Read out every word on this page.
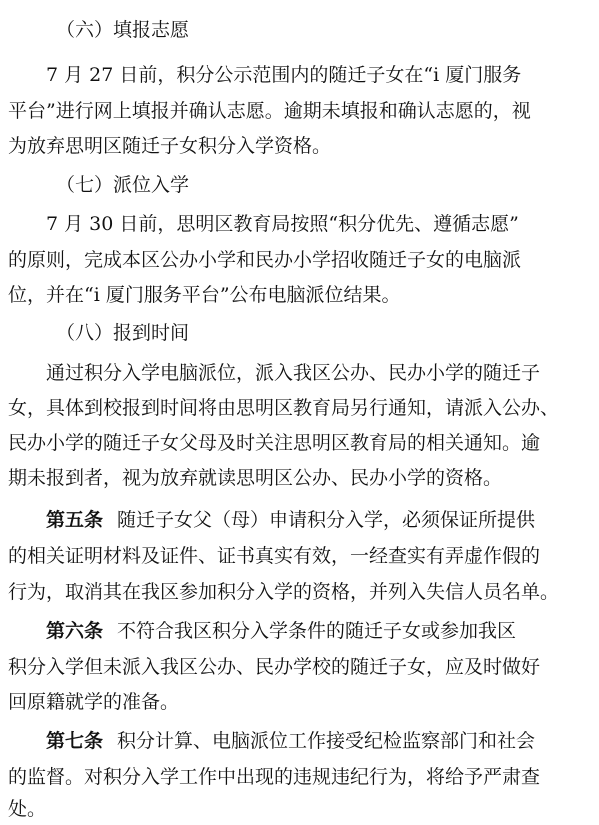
（六）填报志愿
7 月 27 日前，积分公示范围内的随迁子女在“i 厦门服务
平台”进行网上填报并确认志愿。逾期未填报和确认志愿的，视
为放弃思明区随迁子女积分入学资格。
（七）派位入学
7 月 30 日前，思明区教育局按照“积分优先、遵循志愿”
的原则，完成本区公办小学和民办小学招收随迁子女的电脑派
位，并在“i 厦门服务平台”公布电脑派位结果。
（八）报到时间
通过积分入学电脑派位，派入我区公办、民办小学的随迁子
女，具体到校报到时间将由思明区教育局另行通知，请派入公办、
民办小学的随迁子女父母及时关注思明区教育局的相关通知。逾
期未报到者，视为放弃就读思明区公办、民办小学的资格。
第五条 随迁子女父（母）申请积分入学，必须保证所提供
的相关证明材料及证件、证书真实有效，一经查实有弄虚作假的
行为，取消其在我区参加积分入学的资格，并列入失信人员名单。
第六条 不符合我区积分入学条件的随迁子女或参加我区
积分入学但未派入我区公办、民办学校的随迁子女，应及时做好
回原籍就学的准备。
第七条 积分计算、电脑派位工作接受纪检监察部门和社会
的监督。对积分入学工作中出现的违规违纪行为，将给予严肃查
处。
